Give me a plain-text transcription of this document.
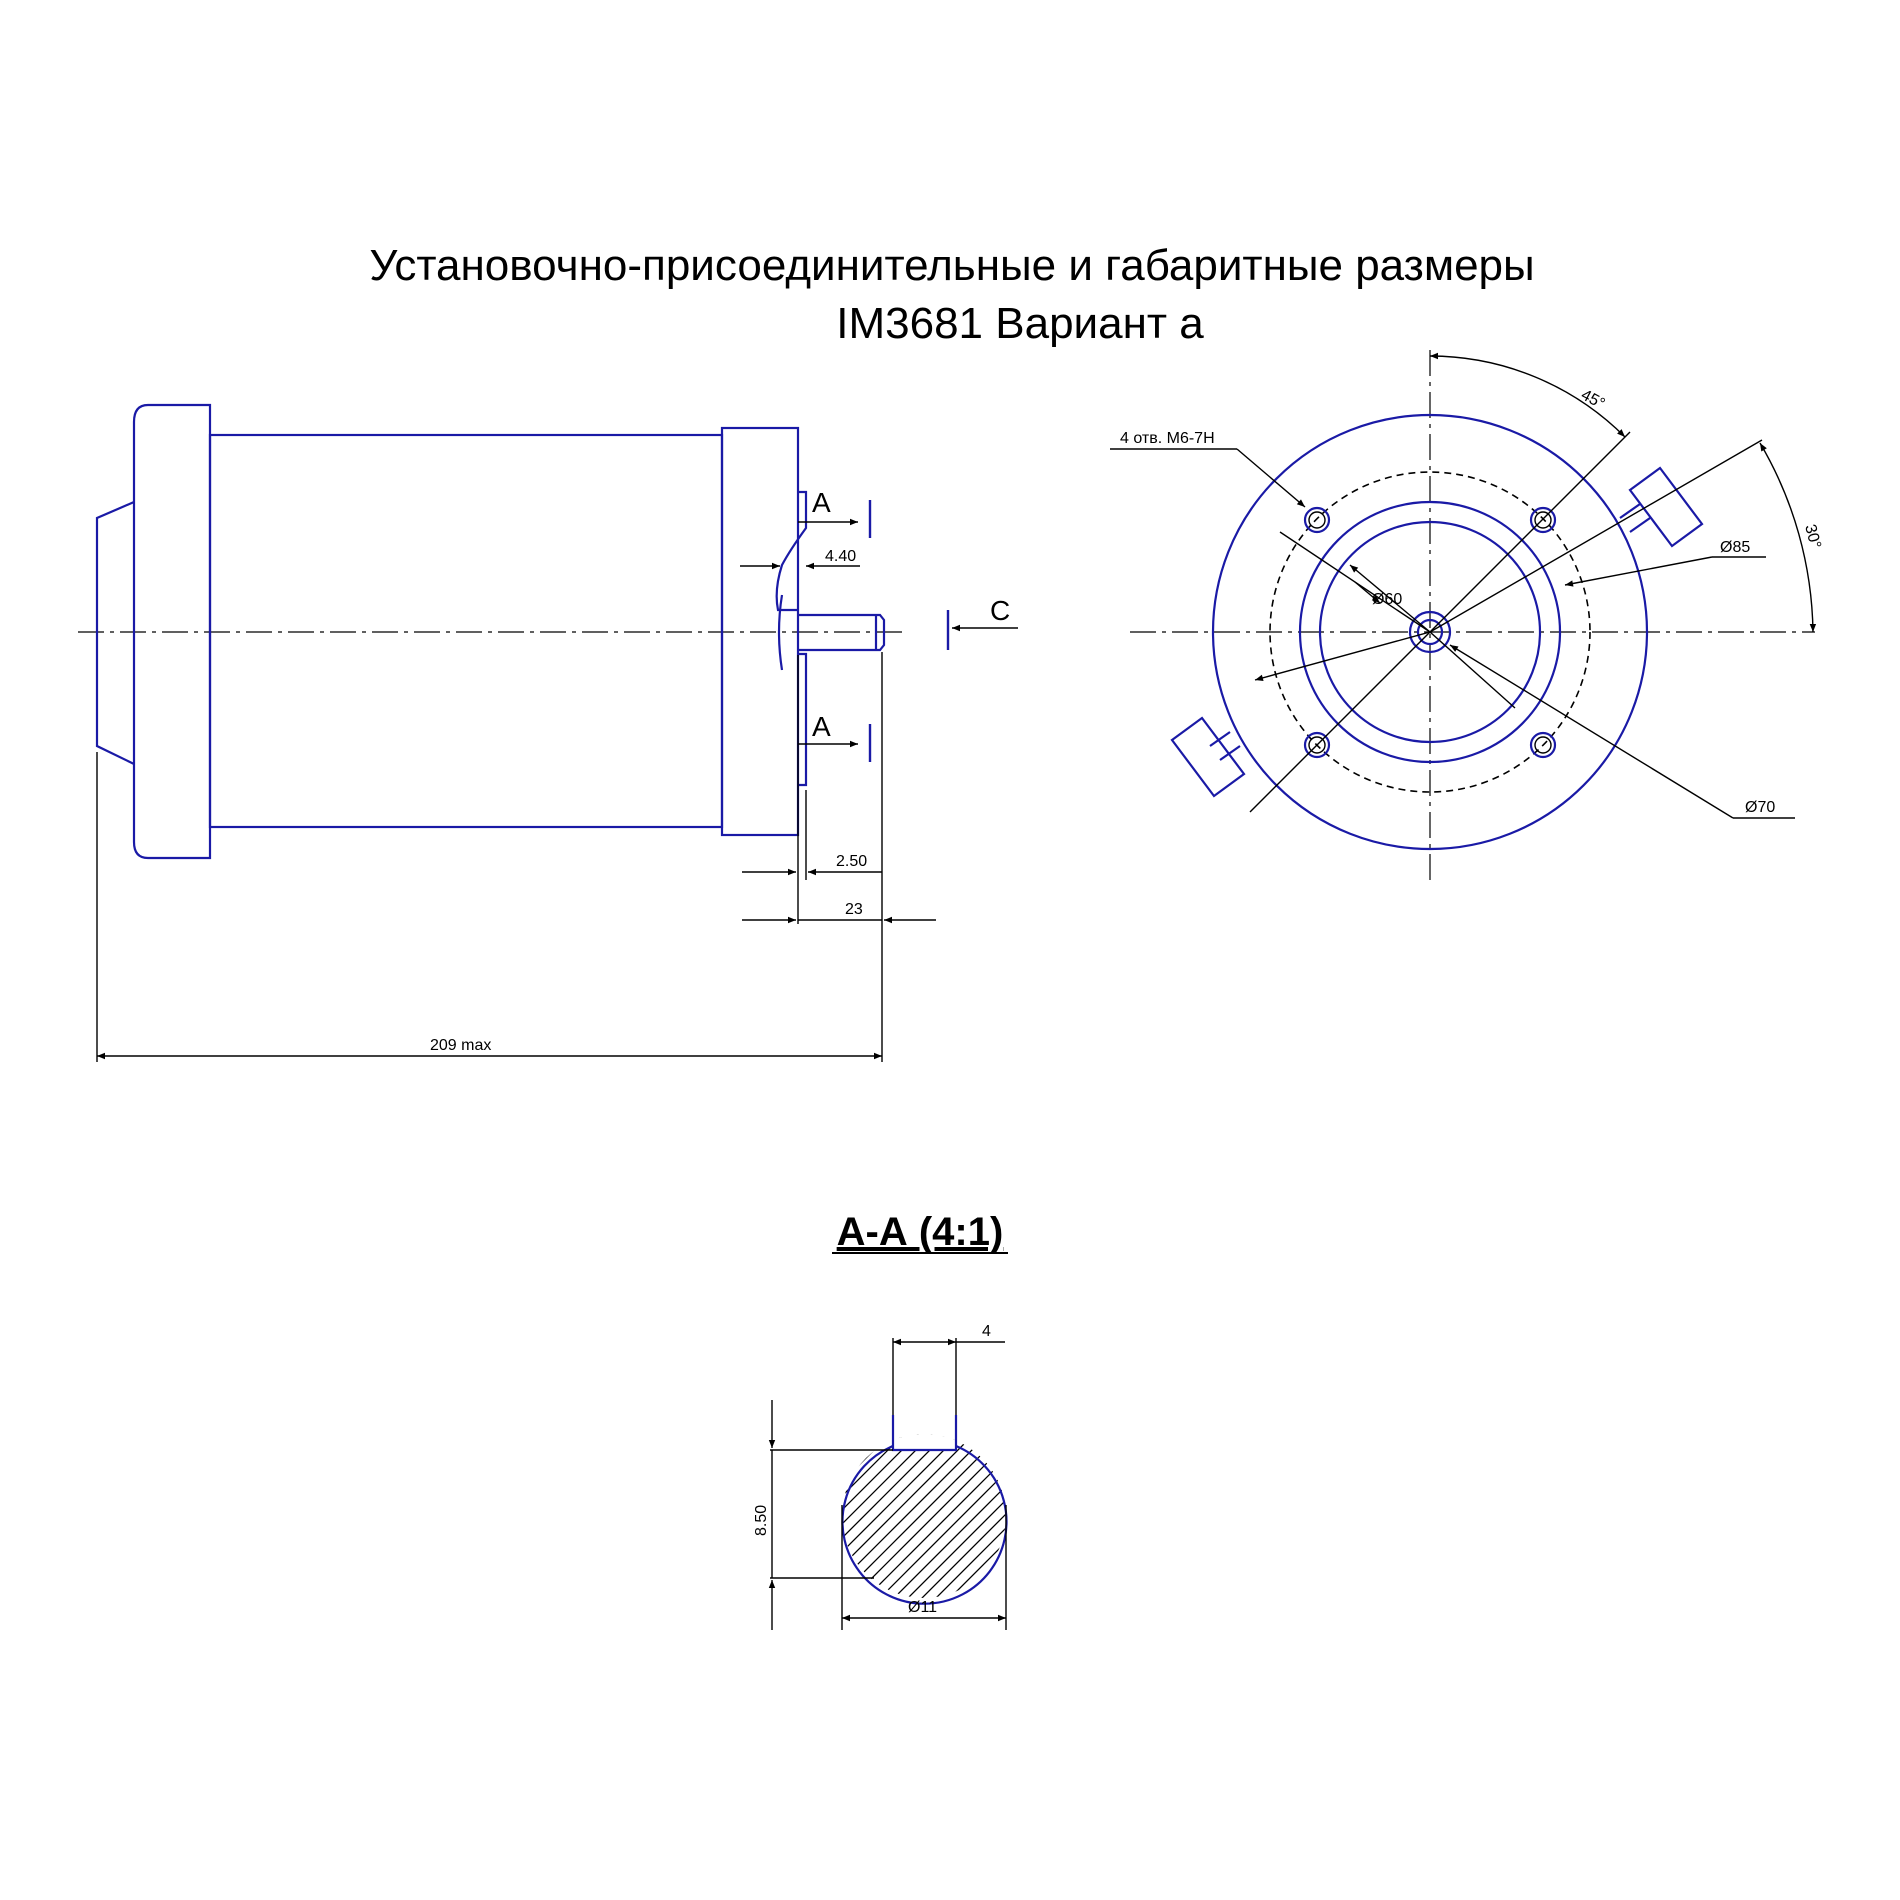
Установочно-присоединительные и габаритные размеры
IM3681 Вариант а
А
А
С
4.40
2.50
23
209 max
45°
30°
4 отв. М6-7Н
Ø85
Ø60
Ø70
А-А (4:1)
4
8.50
Ø11
